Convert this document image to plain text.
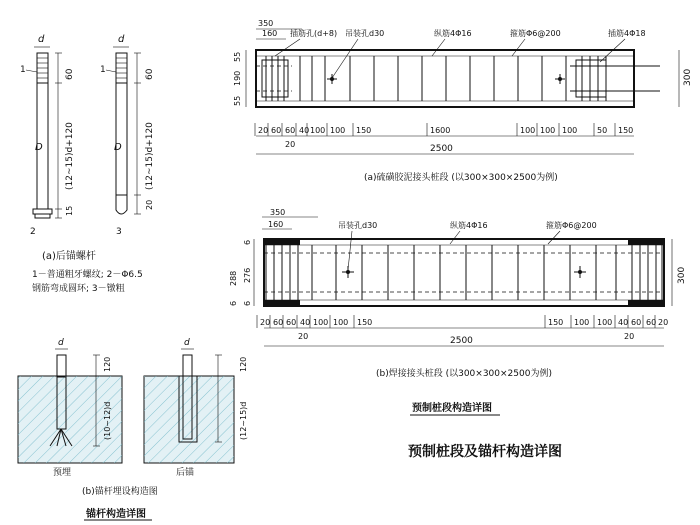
d
D
1
2
60
(12~15)d+120
15
d
D
1
3
60
(12~15)d+120
20
(a)后锚螺杆
1－普通粗牙螺纹; 2－Φ6.5
钢筋弯成圆环; 3－镦粗
d
120
(10~12)d
预埋
d
120
(12~15)d
后锚
(b)锚杆埋设构造图
锚杆构造详图
350
160 插筋孔(d+8) 吊装孔d30	纵筋4Φ16	箍筋Φ6@200	插筋4Φ18
55
190
55
300
20 60 60 40 100 100 150	1600	100 100 100 50 150
20	2500
(a)硫磺胶泥接头桩段 (以300×300×2500为例)
350
160	吊装孔d30	纵筋4Φ16	箍筋Φ6@200
6
288 276
6
6
300
20 60 60 40 100 100 150	150 100 100 40 60 60 20
20	20
2500
(b)焊接接头桩段 (以300×300×2500为例)
预制桩段构造详图
预制桩段及锚杆构造详图
